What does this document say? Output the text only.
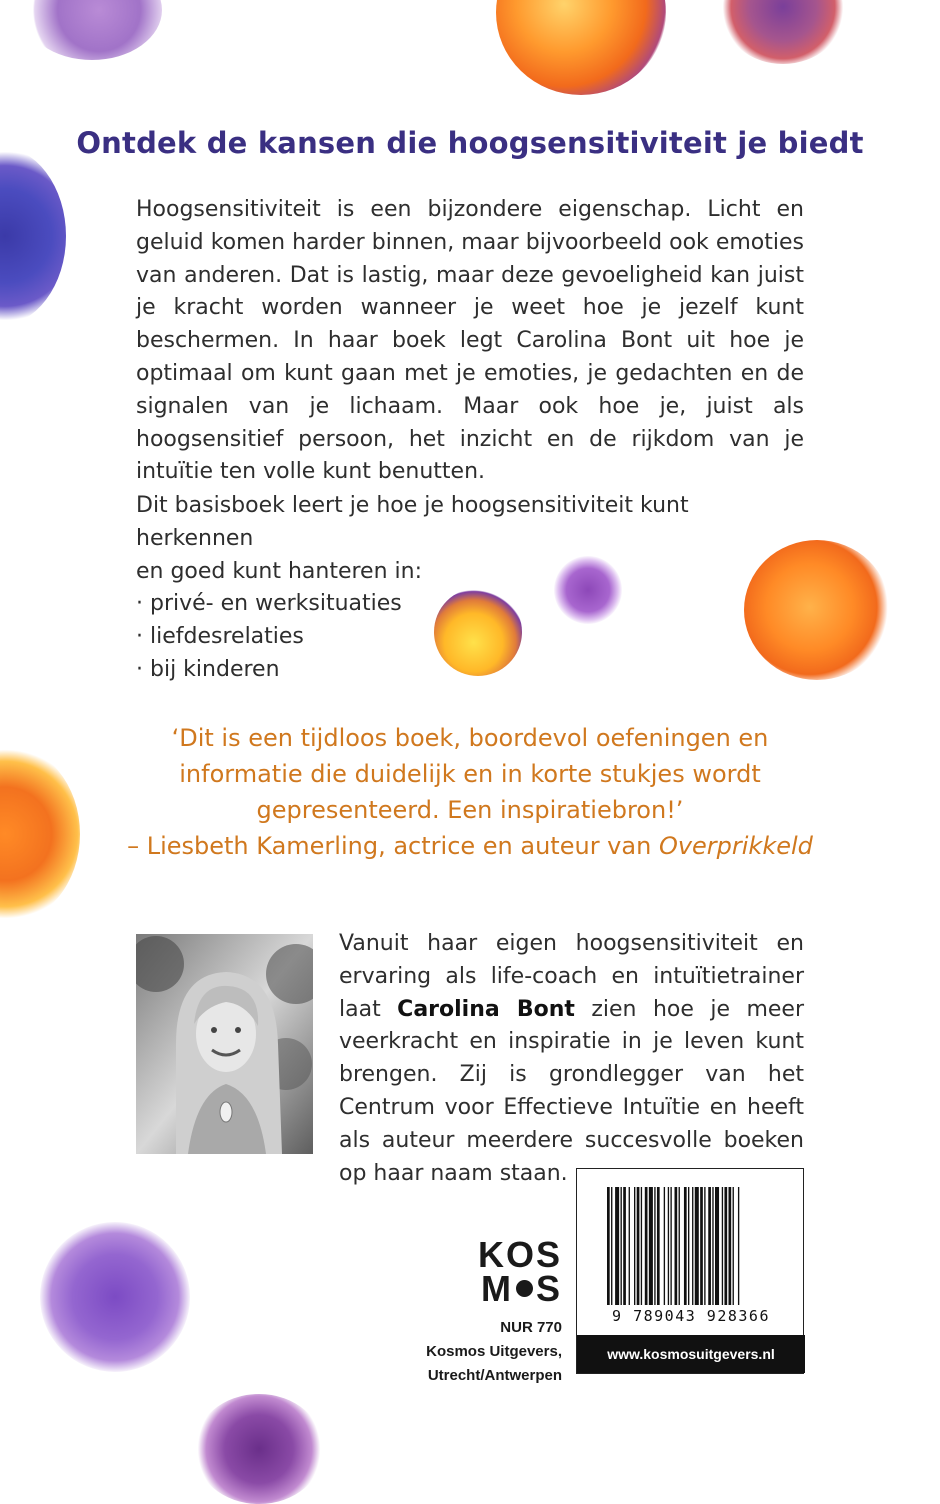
Ontdek de kansen die hoogsensitiviteit je biedt

Hoogsensitiviteit is een bijzondere eigenschap. Licht en geluid komen harder binnen, maar bijvoorbeeld ook emoties van anderen. Dat is lastig, maar deze gevoeligheid kan juist je kracht worden wanneer je weet hoe je jezelf kunt beschermen. In haar boek legt Carolina Bont uit hoe je optimaal om kunt gaan met je emoties, je gedachten en de signalen van je lichaam. Maar ook hoe je, juist als hoogsensitief persoon, het inzicht en de rijkdom van je intuïtie ten volle kunt benutten.

Dit basisboek leert je hoe je hoogsensitiviteit kunt herkennen

en goed kunt hanteren in:

· privé- en werksituaties
· liefdesrelaties
· bij kinderen

‘Dit is een tijdloos boek, boordevol oefeningen en

informatie die duidelijk en in korte stukjes wordt

gepresenteerd. Een inspiratiebron!’

– Liesbeth Kamerling, actrice en auteur van Overprikkeld

Vanuit haar eigen hoogsensitiviteit en ervaring als life-coach en intuïtietrainer laat Carolina Bont zien hoe je meer veerkracht en inspiratie in je leven kunt brengen. Zij is grondlegger van het Centrum voor Effectieve Intuïtie en heeft als auteur meerdere succesvolle boeken op haar naam staan.

KOS
M S
NUR 770
Kosmos Uitgevers,
Utrecht/Antwerpen
9 789043 928366
www.kosmosuitgevers.nl
